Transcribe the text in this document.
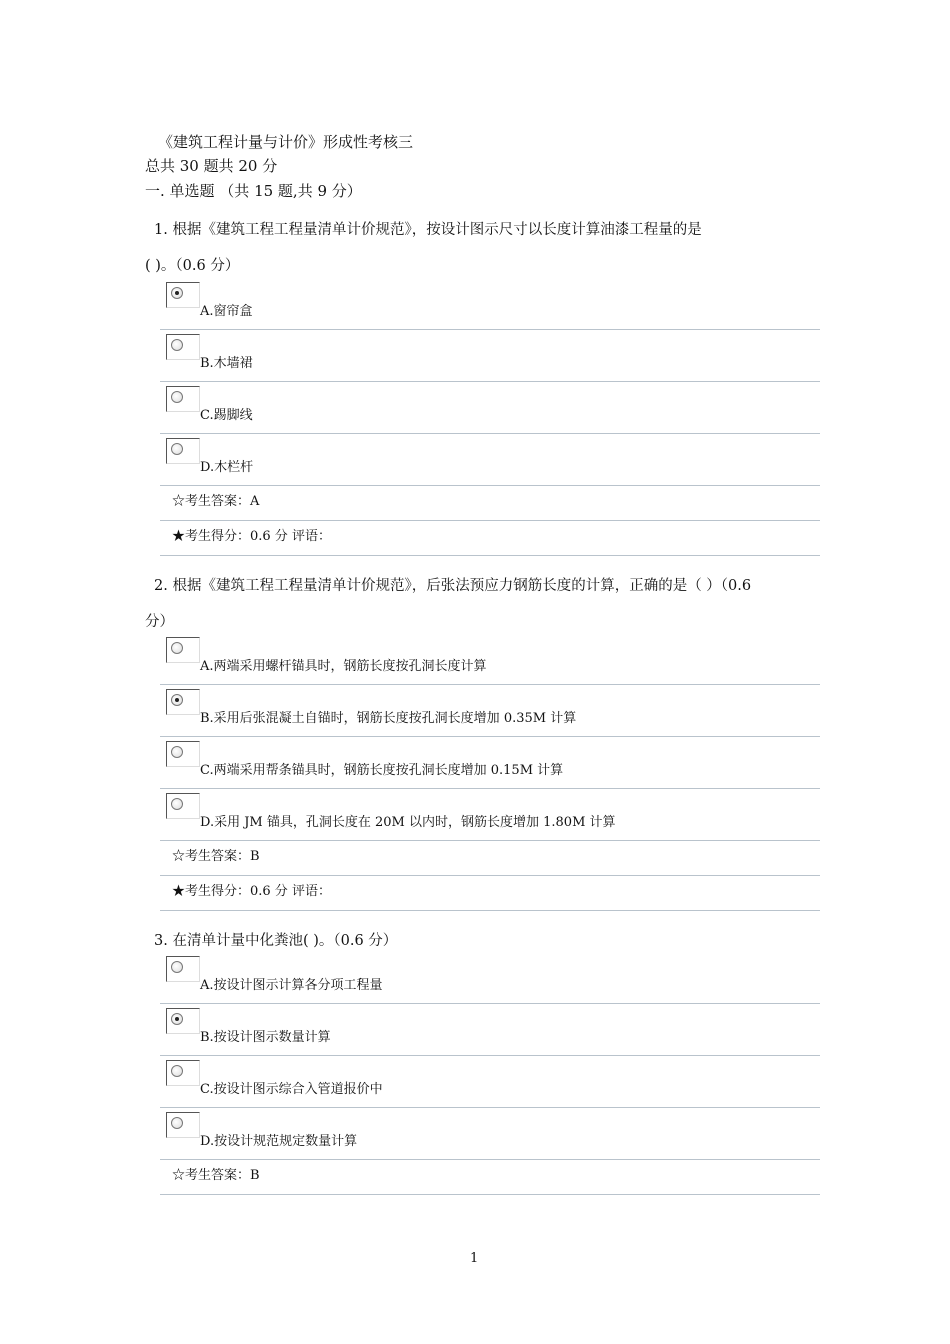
《建筑工程计量与计价》形成性考核三
总共 30 题共 20 分
一. 单选题 （共 15 题,共 9 分）
1. 根据《建筑工程工程量清单计价规范》，按设计图示尺寸以长度计算油漆工程量的是
( )。（0.6 分）
A.窗帘盒
B.木墙裙
C.踢脚线
D.木栏杆
☆考生答案：A
★考生得分：0.6 分 评语：
2. 根据《建筑工程工程量清单计价规范》，后张法预应力钢筋长度的计算，正确的是（ ）（0.6
分）
A.两端采用螺杆锚具时，钢筋长度按孔洞长度计算
B.采用后张混凝土自锚时，钢筋长度按孔洞长度增加 0.35M 计算
C.两端采用帮条锚具时，钢筋长度按孔洞长度增加 0.15M 计算
D.采用 JM 锚具，孔洞长度在 20M 以内时，钢筋长度增加 1.80M 计算
☆考生答案：B
★考生得分：0.6 分 评语：
3. 在清单计量中化粪池( )。（0.6 分）
A.按设计图示计算各分项工程量
B.按设计图示数量计算
C.按设计图示综合入管道报价中
D.按设计规范规定数量计算
☆考生答案：B
1
